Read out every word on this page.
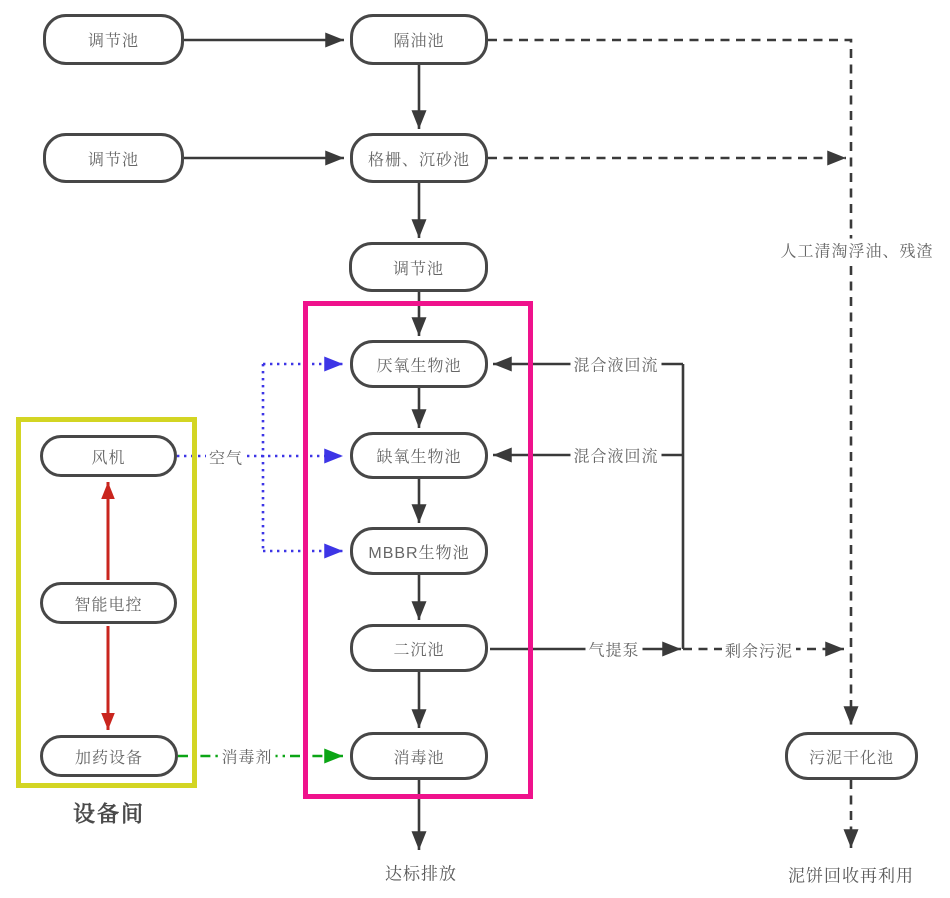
调节池	隔油池
调节池	格栅、沉砂池
调节池
厌氧生物池
缺氧生物池
MBBR生物池
二沉池
消毒池
风机
智能电控
加药设备	污泥干化池
空气
消毒剂
混合液回流
混合液回流
气提泵	剩余污泥
人工清淘浮油、残渣
达标排放	泥饼回收再利用
设备间
